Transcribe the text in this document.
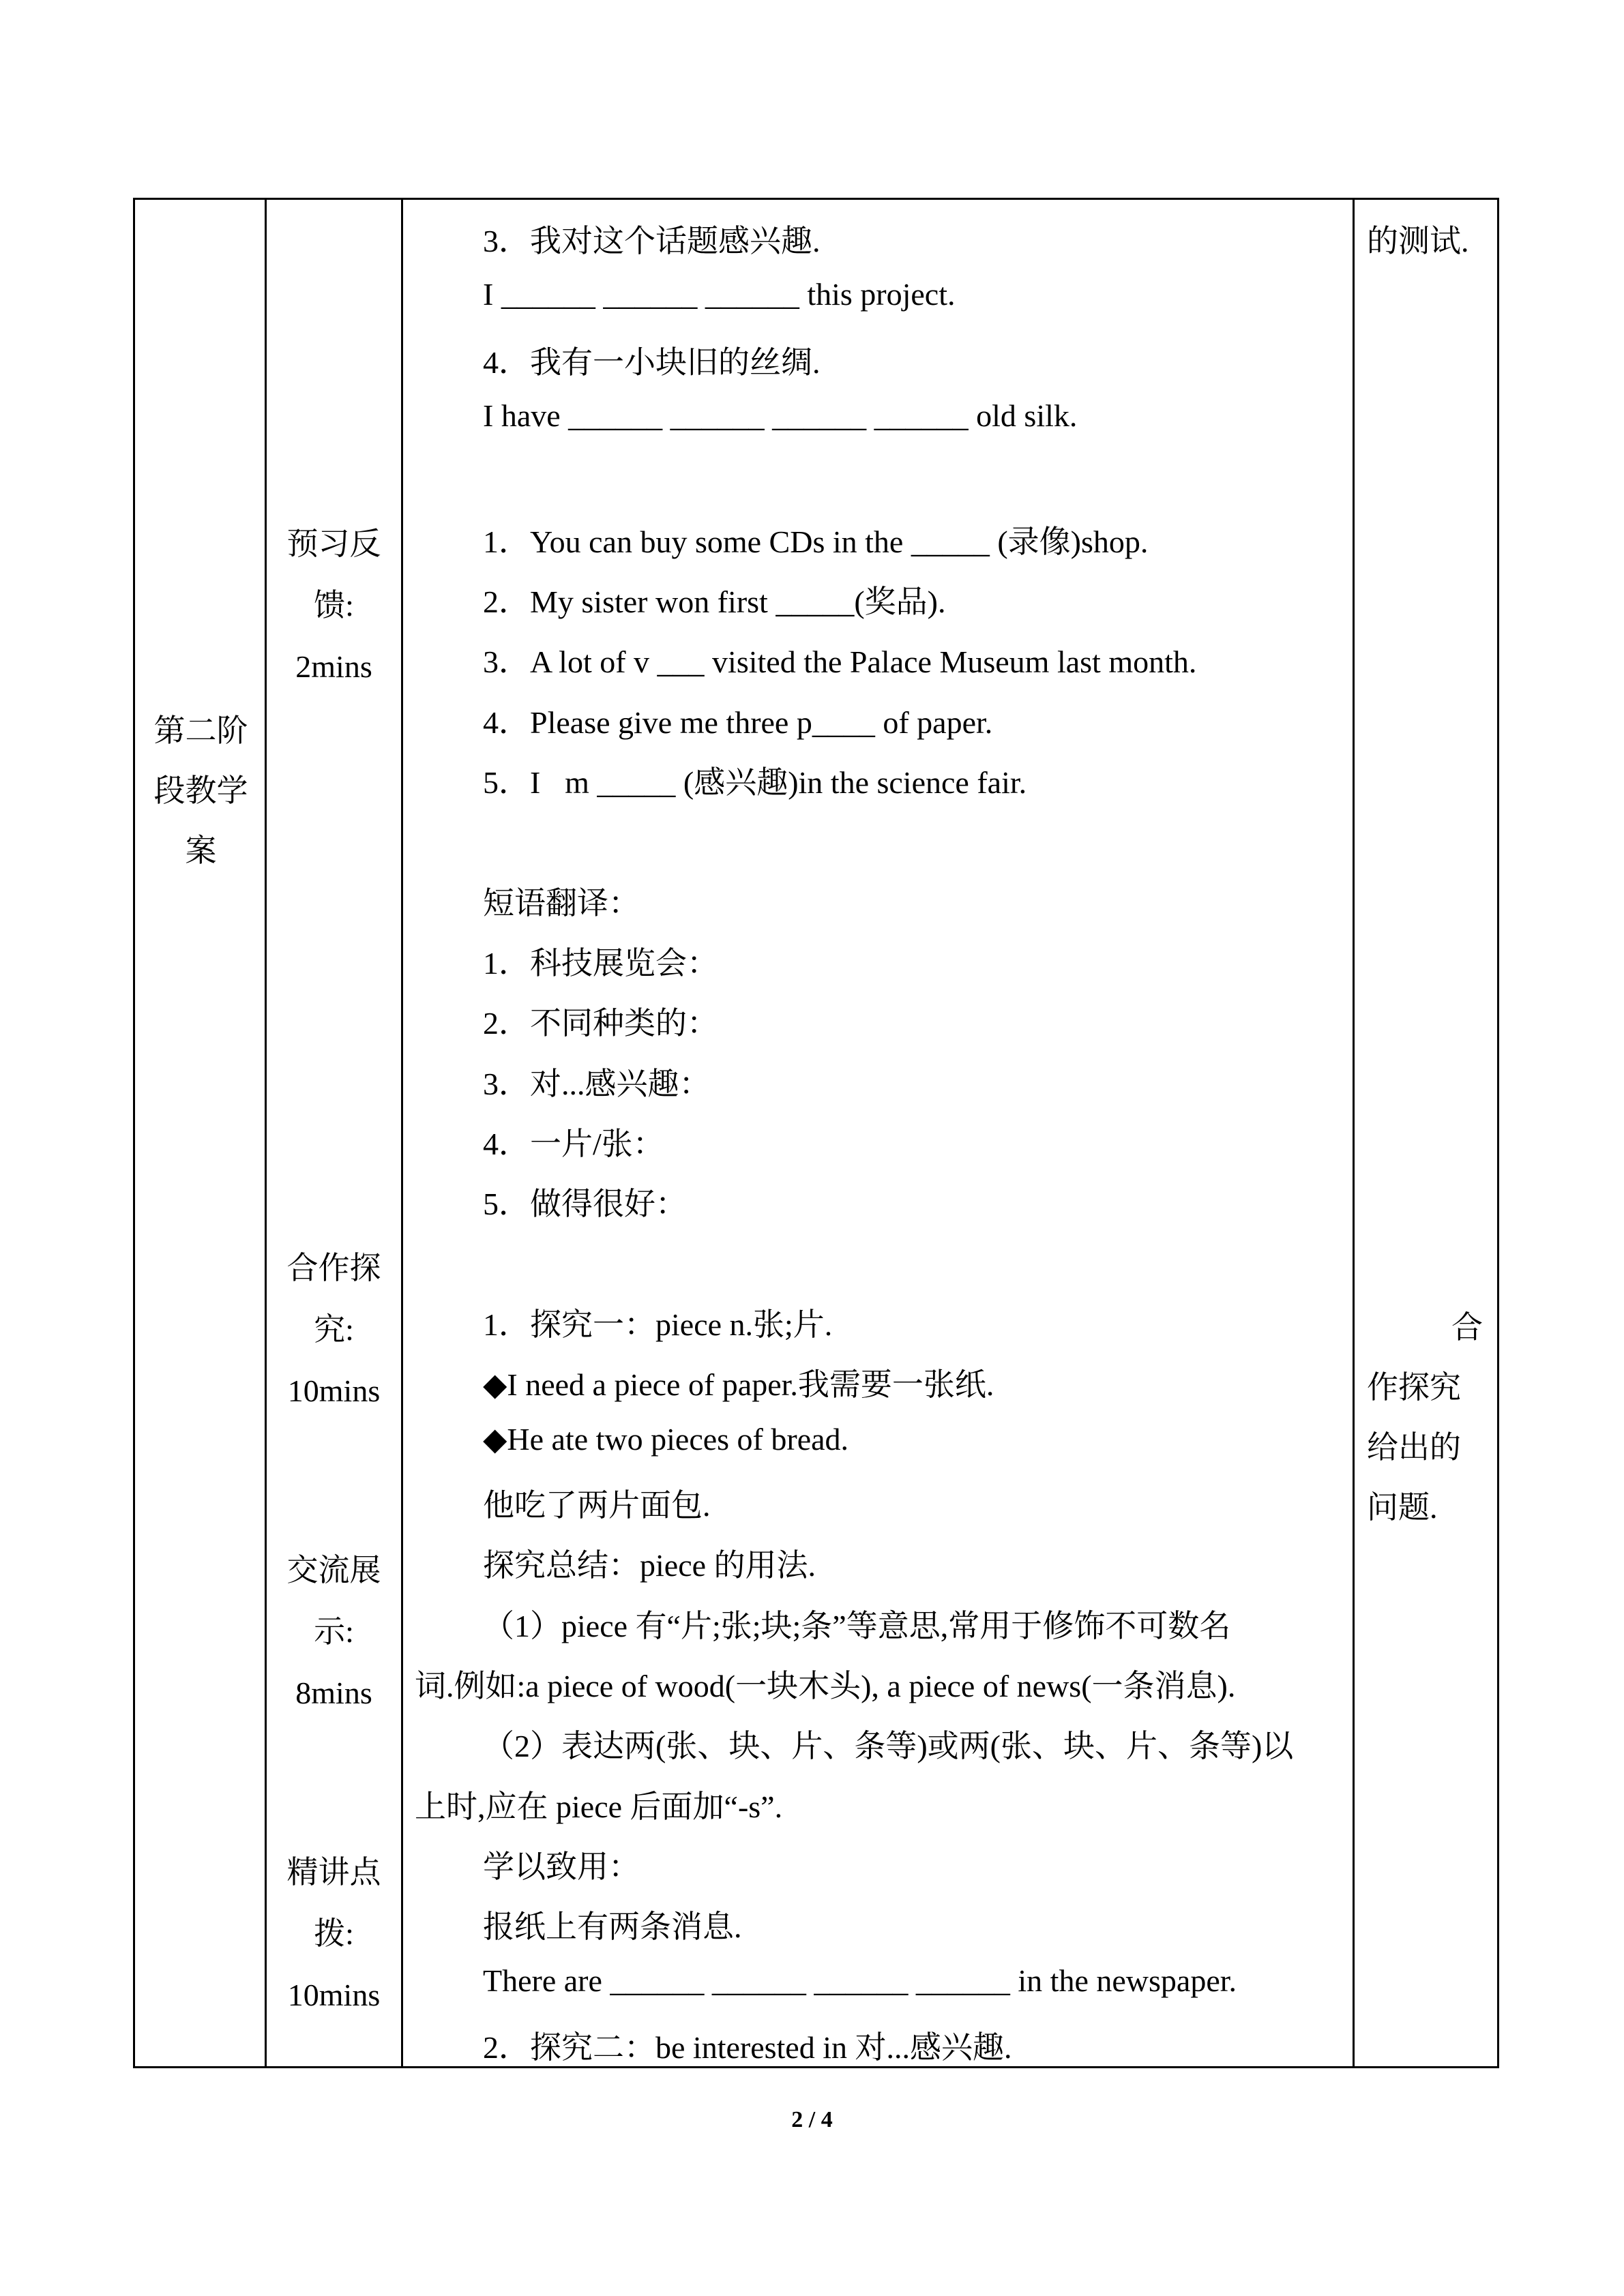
第二阶
段教学
案
预习反
馈:
2mins
合作探
究:
10mins
交流展
示:
8mins
精讲点
拨:
10mins
的测试.
合
作探究
给出的
问题.
3．我对这个话题感兴趣.
I ______ ______ ______ this project.
4．我有一小块旧的丝绸.
I have ______ ______ ______ ______ old silk.
1．You can buy some CDs in the _____ (录像)shop.
2．My sister won first _____(奖品).
3．A lot of v ___ visited the Palace Museum last month.
4．Please give me three p____ of paper.
5．I m _____ (感兴趣)in the science fair.
短语翻译：
1．科技展览会：
2．不同种类的：
3．对...感兴趣：
4．一片/张：
5．做得很好：
1．探究一：piece n.张;片.
◆I need a piece of paper.我需要一张纸.
◆He ate two pieces of bread.
他吃了两片面包.
探究总结：piece 的用法.
（1）piece 有“片;张;块;条”等意思,常用于修饰不可数名
词.例如:a piece of wood(一块木头), a piece of news(一条消息).
（2）表达两(张、块、片、条等)或两(张、块、片、条等)以
上时,应在 piece 后面加“-s”.
学以致用：
报纸上有两条消息.
There are ______ ______ ______ ______ in the newspaper.
2．探究二：be interested in 对...感兴趣.
2 / 4
